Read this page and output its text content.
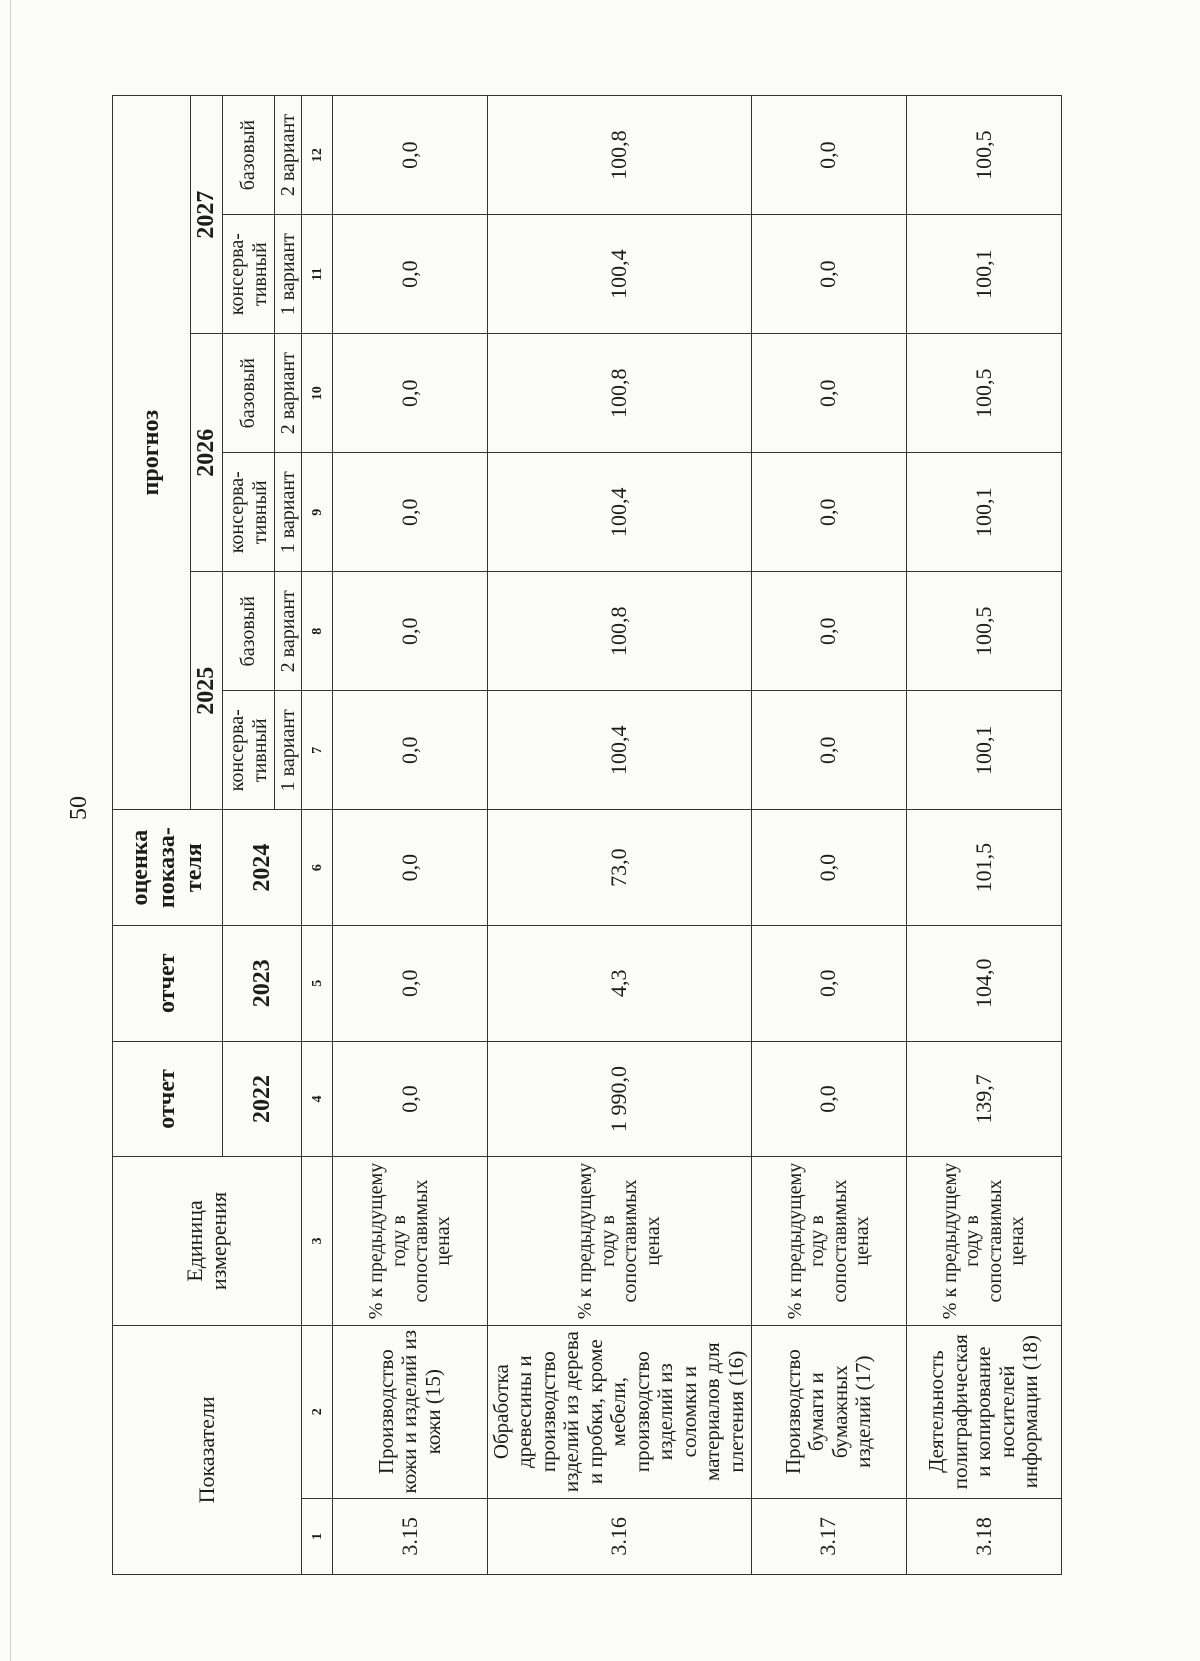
50
Показатели		Единица измерения	отчет	отчет	оценка показа-теля	прогноз					
						2025		2026		2027	
			2022	2023	2024	консерва-тивный	базовый	консерва-тивный	базовый	консерва-тивный	базовый
						1 вариант	2 вариант	1 вариант	2 вариант	1 вариант	2 вариант
1	2	3	4	5	6	7	8	9	10	11	12
3.15	Производство кожи и изделий из кожи (15)	% к предыдущему году в сопоставимых ценах	0,0	0,0	0,0	0,0	0,0	0,0	0,0	0,0	0,0
3.16	Обработка древесины и производство изделий из дерева и пробки, кроме мебели, производство изделий из соломки и материалов для плетения (16)	% к предыдущему году в сопоставимых ценах	1 990,0	4,3	73,0	100,4	100,8	100,4	100,8	100,4	100,8
3.17	Производство бумаги и бумажных изделий (17)	% к предыдущему году в сопоставимых ценах	0,0	0,0	0,0	0,0	0,0	0,0	0,0	0,0	0,0
3.18	Деятельность полиграфическая и копирование носителей информации (18)	% к предыдущему году в сопоставимых ценах	139,7	104,0	101,5	100,1	100,5	100,1	100,5	100,1	100,5
